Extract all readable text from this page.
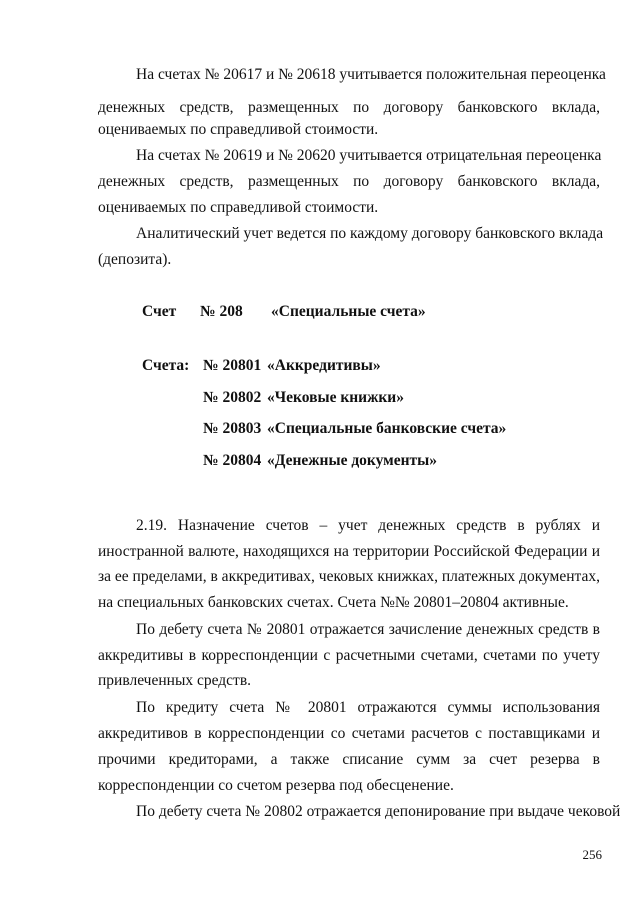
На счетах № 20617 и № 20618 учитывается положительная переоценка
денежных средств, размещенных по договору банковского вклада,
оцениваемых по справедливой стоимости.
На счетах № 20619 и № 20620 учитывается отрицательная переоценка
денежных средств, размещенных по договору банковского вклада,
оцениваемых по справедливой стоимости.
Аналитический учет ведется по каждому договору банковского вклада
(депозита).
Счет № 208 «Специальные счета»
Счета: № 20801 «Аккредитивы»
№ 20802 «Чековые книжки»
№ 20803 «Специальные банковские счета»
№ 20804 «Денежные документы»
2.19. Назначение счетов – учет денежных средств в рублях и
иностранной валюте, находящихся на территории Российской Федерации и
за ее пределами, в аккредитивах, чековых книжках, платежных документах,
на специальных банковских счетах. Счета №№ 20801–20804 активные.
По дебету счета № 20801 отражается зачисление денежных средств в
аккредитивы в корреспонденции с расчетными счетами, счетами по учету
привлеченных средств.
По кредиту счета № 20801 отражаются суммы использования
аккредитивов в корреспонденции со счетами расчетов с поставщиками и
прочими кредиторами, а также списание сумм за счет резерва в
корреспонденции со счетом резерва под обесценение.
По дебету счета № 20802 отражается депонирование при выдаче чековой
256
